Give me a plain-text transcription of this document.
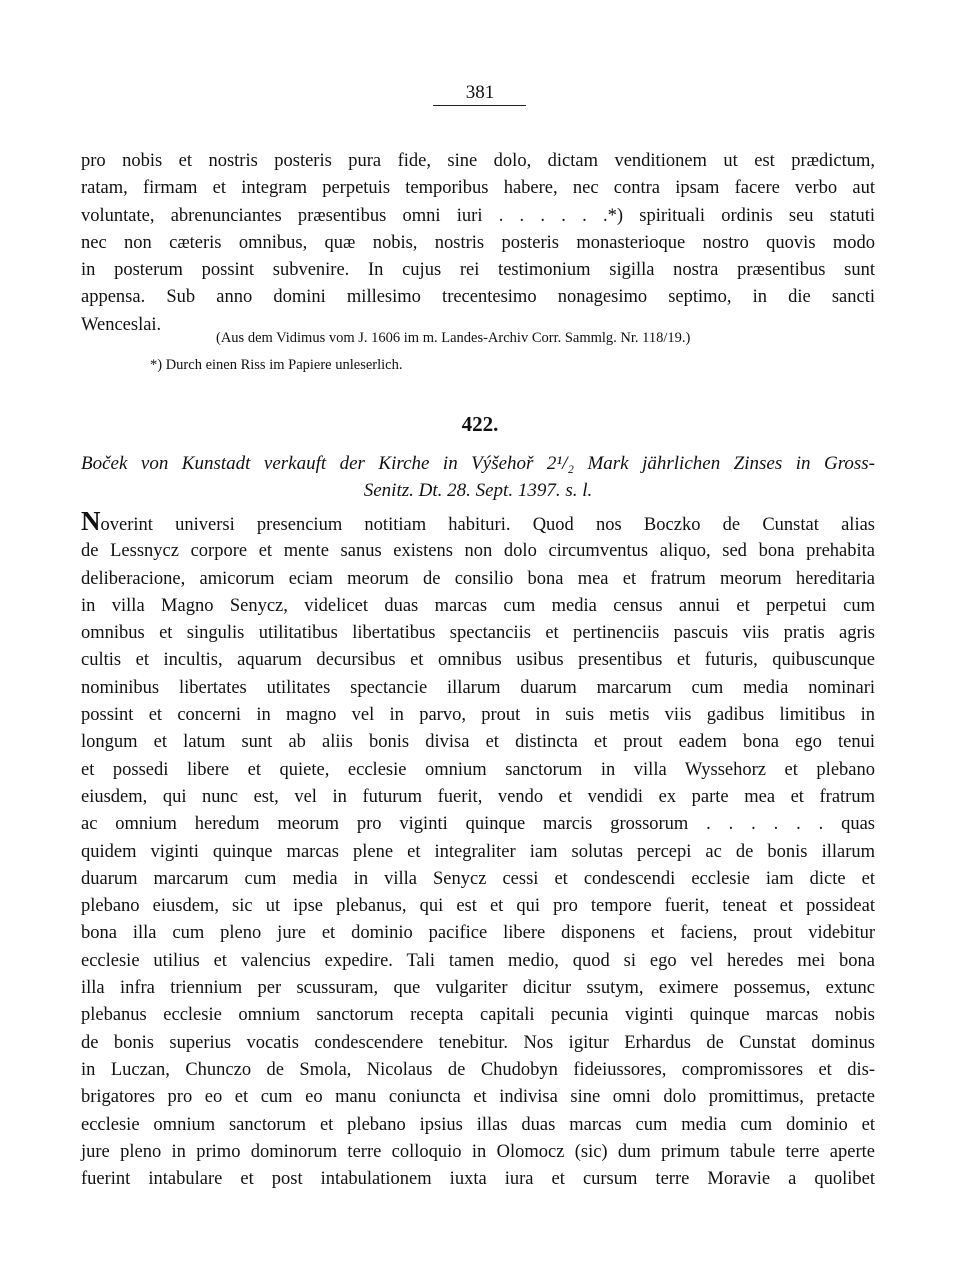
381
pro nobis et nostris posteris pura fide, sine dolo, dictam venditionem ut est prædictum,
ratam, firmam et integram perpetuis temporibus habere, nec contra ipsam facere verbo aut
voluntate, abrenunciantes præsentibus omni iuri . . . . . .*) spirituali ordinis seu statuti
nec non cæteris omnibus, quæ nobis, nostris posteris monasterioque nostro quovis modo
in posterum possint subvenire. In cujus rei testimonium sigilla nostra præsentibus sunt
appensa. Sub anno domini millesimo trecentesimo nonagesimo septimo, in die sancti
Wenceslai.
(Aus dem Vidimus vom J. 1606 im m. Landes-Archiv Corr. Sammlg. Nr. 118/19.)
*) Durch einen Riss im Papiere unleserlich.
422.
Boček von Kunstadt verkauft der Kirche in Výšehoř 2¹/₂ Mark jährlichen Zinses in Gross-
Senitz. Dt. 28. Sept. 1397. s. l.
Noverint universi presencium notitiam habituri. Quod nos Boczko de Cunstat alias
de Lessnycz corpore et mente sanus existens non dolo circumventus aliquo, sed bona prehabita
deliberacione, amicorum eciam meorum de consilio bona mea et fratrum meorum hereditaria
in villa Magno Senycz, videlicet duas marcas cum media census annui et perpetui cum
omnibus et singulis utilitatibus libertatibus spectanciis et pertinenciis pascuis viis pratis agris
cultis et incultis, aquarum decursibus et omnibus usibus presentibus et futuris, quibuscunque
nominibus libertates utilitates spectancie illarum duarum marcarum cum media nominari
possint et concerni in magno vel in parvo, prout in suis metis viis gadibus limitibus in
longum et latum sunt ab aliis bonis divisa et distincta et prout eadem bona ego tenui
et possedi libere et quiete, ecclesie omnium sanctorum in villa Wyssehorz et plebano
eiusdem, qui nunc est, vel in futurum fuerit, vendo et vendidi ex parte mea et fratrum
ac omnium heredum meorum pro viginti quinque marcis grossorum . . . . . . quas
quidem viginti quinque marcas plene et integraliter iam solutas percepi ac de bonis illarum
duarum marcarum cum media in villa Senycz cessi et condescendi ecclesie iam dicte et
plebano eiusdem, sic ut ipse plebanus, qui est et qui pro tempore fuerit, teneat et possideat
bona illa cum pleno jure et dominio pacifice libere disponens et faciens, prout videbitur
ecclesie utilius et valencius expedire. Tali tamen medio, quod si ego vel heredes mei bona
illa infra triennium per scussuram, que vulgariter dicitur ssutym, eximere possemus, extunc
plebanus ecclesie omnium sanctorum recepta capitali pecunia viginti quinque marcas nobis
de bonis superius vocatis condescendere tenebitur. Nos igitur Erhardus de Cunstat dominus
in Luczan, Chunczo de Smola, Nicolaus de Chudobyn fideiussores, compromissores et dis-
brigatores pro eo et cum eo manu coniuncta et indivisa sine omni dolo promittimus, pretacte
ecclesie omnium sanctorum et plebano ipsius illas duas marcas cum media cum dominio et
jure pleno in primo dominorum terre colloquio in Olomocz (sic) dum primum tabule terre aperte
fuerint intabulare et post intabulationem iuxta iura et cursum terre Moravie a quolibet
